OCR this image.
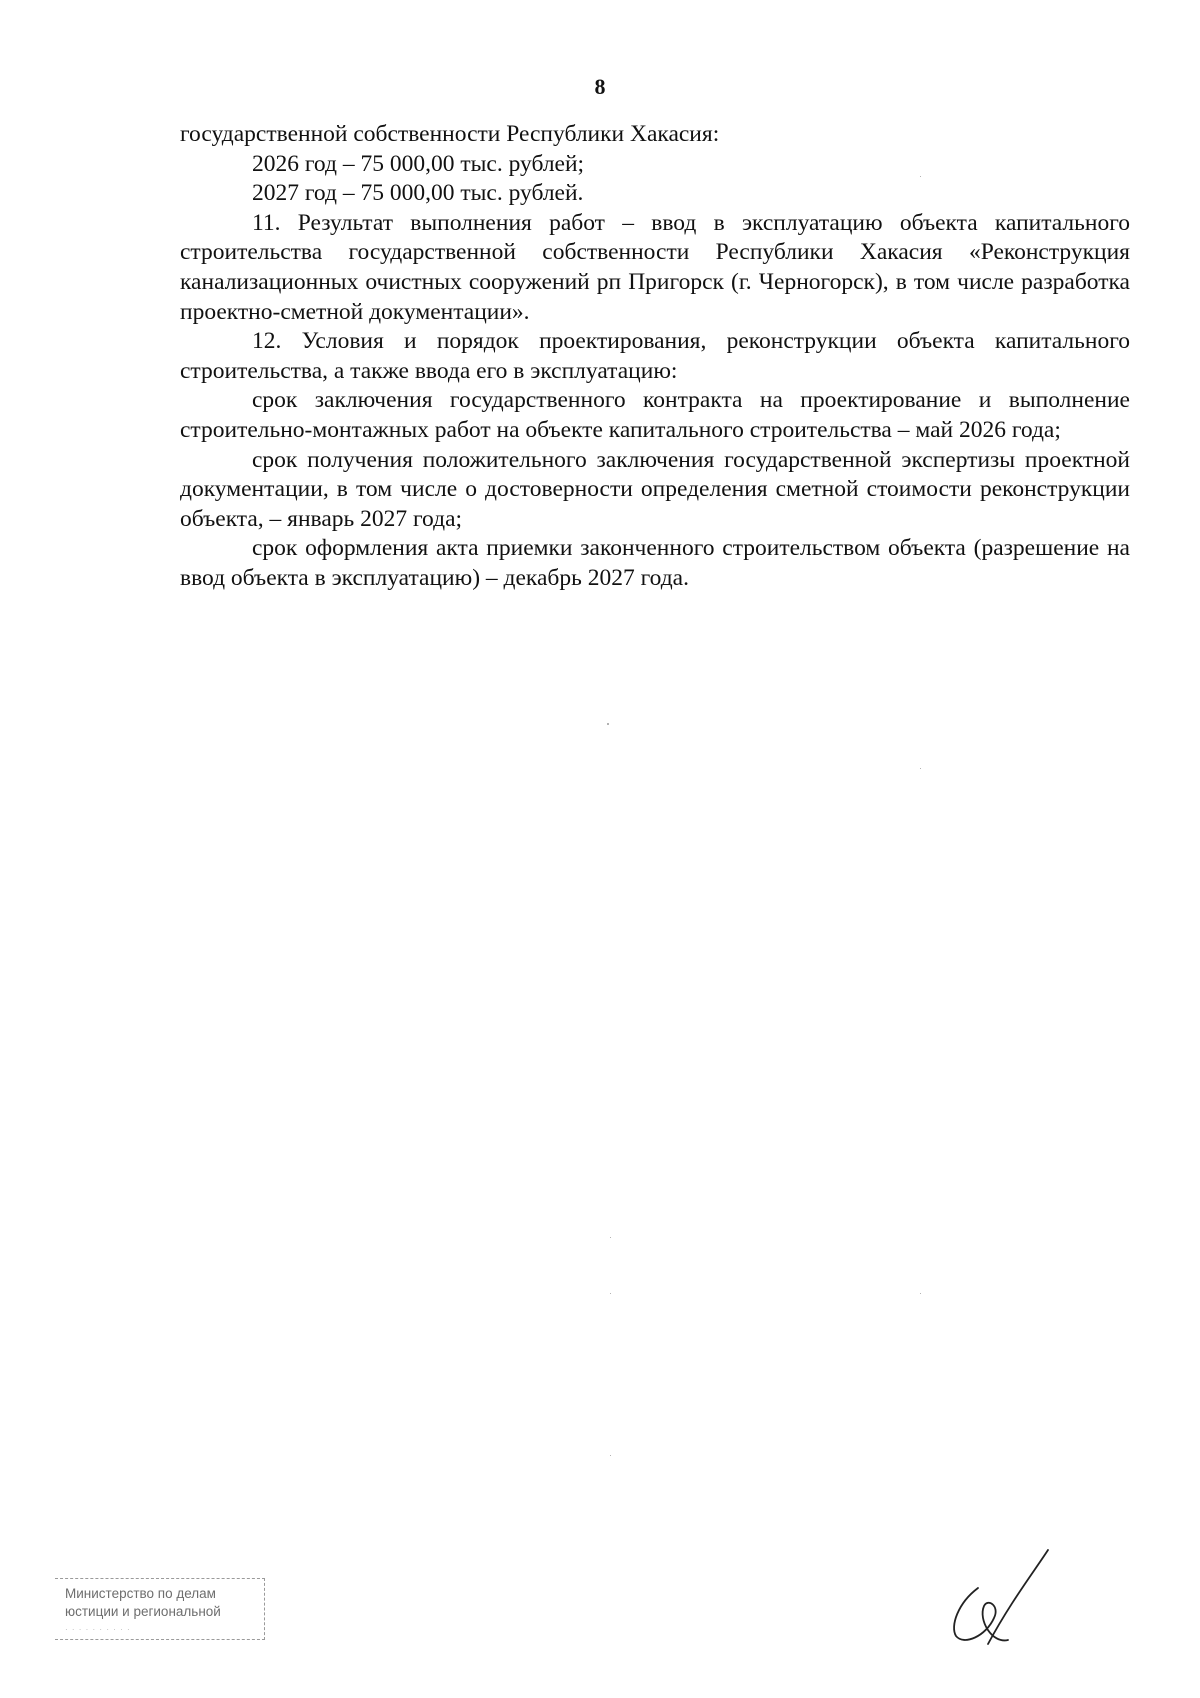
8

государственной собственности Республики Хакасия:

2026 год – 75 000,00 тыс. рублей;

2027 год – 75 000,00 тыс. рублей.

11. Результат выполнения работ – ввод в эксплуатацию объекта капитального строительства государственной собственности Республики Хакасия «Реконструкция канализационных очистных сооружений рп Пригорск (г. Черногорск), в том числе разработка проектно-сметной документации».

12. Условия и порядок проектирования, реконструкции объекта капитального строительства, а также ввода его в эксплуатацию:

срок заключения государственного контракта на проектирование и выполнение строительно-монтажных работ на объекте капитального строительства – май 2026 года;

срок получения положительного заключения государственной экспертизы проектной документации, в том числе о достоверности определения сметной стоимости реконструкции объекта, – январь 2027 года;

срок оформления акта приемки законченного строительством объекта (разрешение на ввод объекта в эксплуатацию) – декабрь 2027 года.

Министерство по делам
юстиции и региональной
· · · · · · · · · ·
